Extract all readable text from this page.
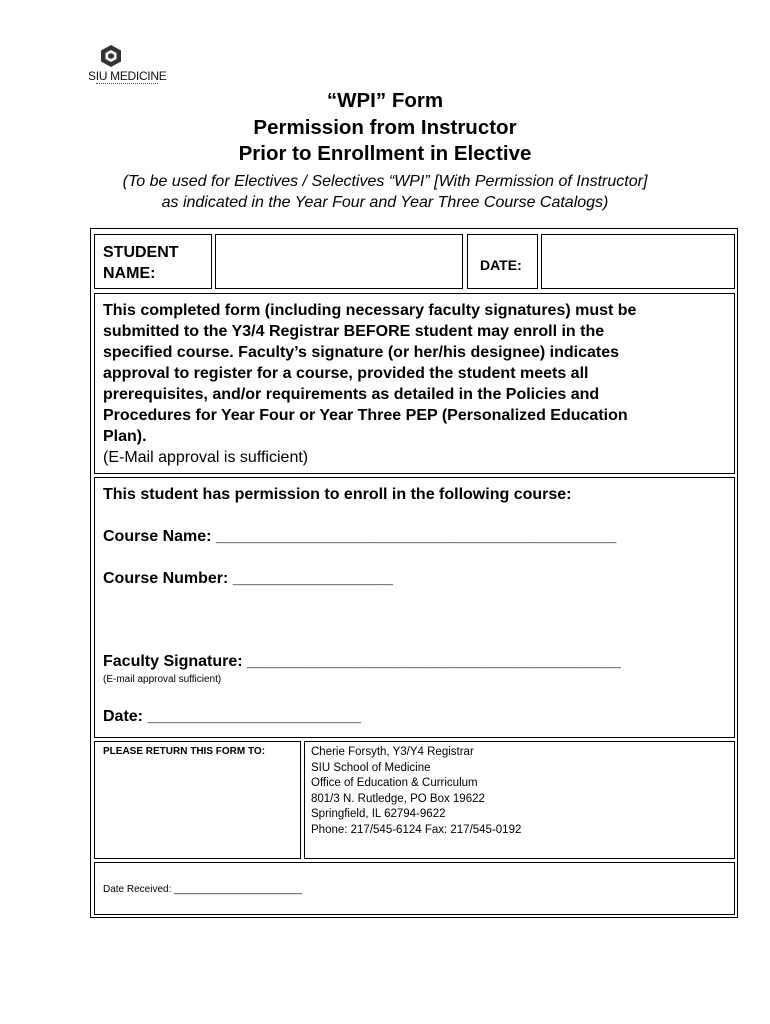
SIU MEDICINE
“WPI” Form
Permission from Instructor
Prior to Enrollment in Elective
(To be used for Electives / Selectives “WPI” [With Permission of Instructor]
as indicated in the Year Four and Year Three Course Catalogs)
STUDENT
NAME:	DATE:
This completed form (including necessary faculty signatures) must be
submitted to the Y3/4 Registrar BEFORE student may enroll in the
specified course. Faculty’s signature (or her/his designee) indicates
approval to register for a course, provided the student meets all
prerequisites, and/or requirements as detailed in the Policies and
Procedures for Year Four or Year Three PEP (Personalized Education
Plan).
(E-Mail approval is sufficient)
This student has permission to enroll in the following course:
Course Name: _____________________________________________
Course Number: __________________
Faculty Signature: __________________________________________
(E-mail approval sufficient)
Date: ________________________
PLEASE RETURN THIS FORM TO:	Cherie Forsyth, Y3/Y4 Registrar
SIU School of Medicine
Office of Education & Curriculum
801/3 N. Rutledge, PO Box 19622
Springfield, IL 62794-9622
Phone: 217/545-6124 Fax: 217/545-0192
Date Received: _______________________
